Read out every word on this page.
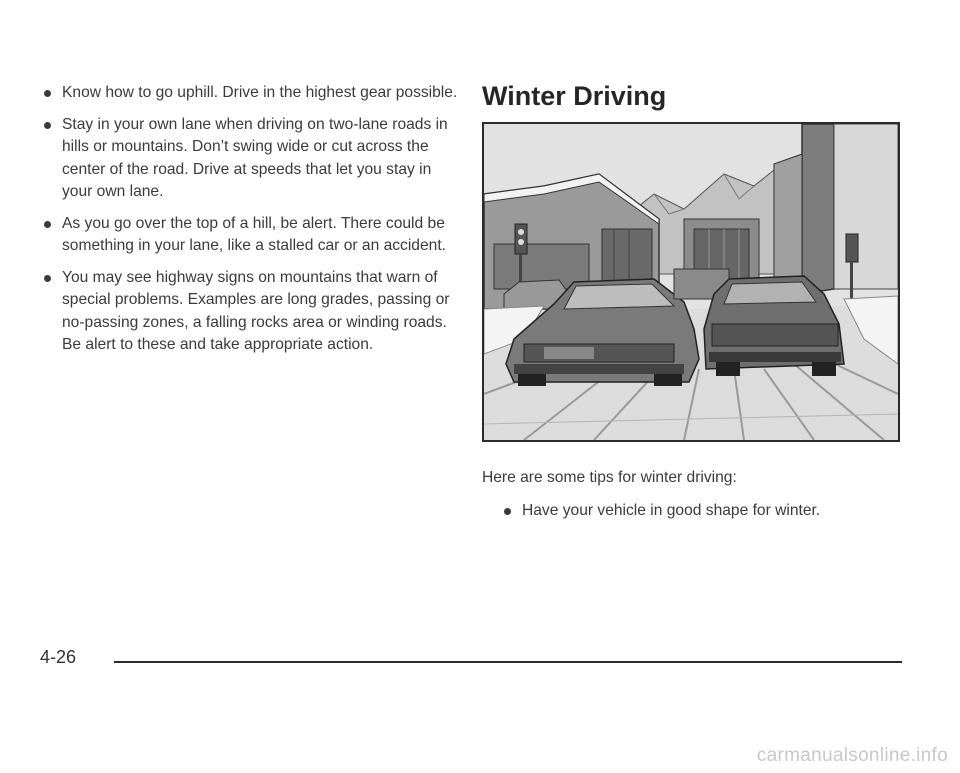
Know how to go uphill. Drive in the highest gear possible.
Stay in your own lane when driving on two-lane roads in hills or mountains. Don’t swing wide or cut across the center of the road. Drive at speeds that let you stay in your own lane.
As you go over the top of a hill, be alert. There could be something in your lane, like a stalled car or an accident.
You may see highway signs on mountains that warn of special problems. Examples are long grades, passing or no-passing zones, a falling rocks area or winding roads. Be alert to these and take appropriate action.
Winter Driving
Here are some tips for winter driving:
Have your vehicle in good shape for winter.
4-26
carmanualsonline.info
